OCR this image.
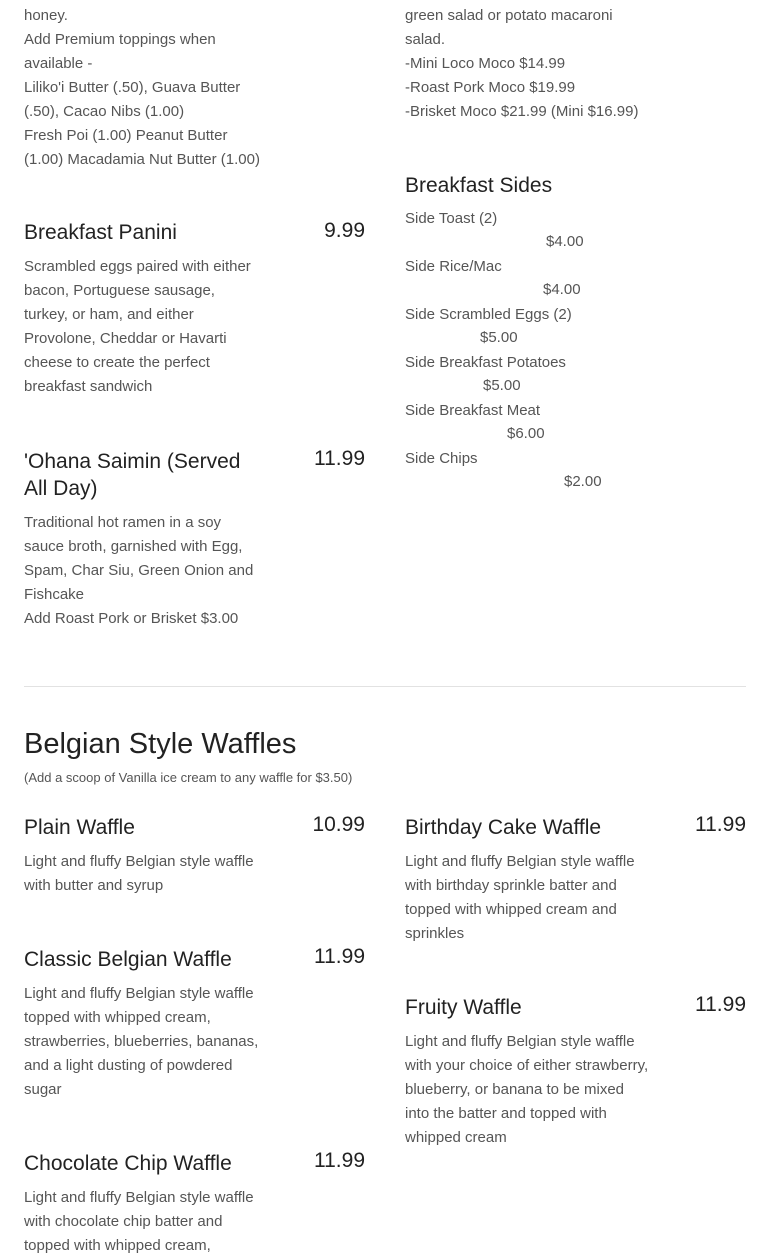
honey.
Add Premium toppings when available -
Liliko'i Butter (.50), Guava Butter (.50), Cacao Nibs (1.00)
Fresh Poi (1.00) Peanut Butter (1.00) Macadamia Nut Butter (1.00)
green salad or potato macaroni salad.
-Mini Loco Moco $14.99
-Roast Pork Moco $19.99
-Brisket Moco $21.99 (Mini $16.99)
Breakfast Panini	9.99
Scrambled eggs paired with either bacon, Portuguese sausage,
turkey, or ham, and either Provolone, Cheddar or Havarti cheese to create the perfect breakfast sandwich
'Ohana Saimin (Served All Day)
11.99
Traditional hot ramen in a soy sauce broth, garnished with Egg, Spam, Char Siu, Green Onion and Fishcake
Add Roast Pork or Brisket $3.00
Breakfast Sides
Side Toast (2)
$4.00
Side Rice/Mac
$4.00
Side Scrambled Eggs (2)
$5.00
Side Breakfast Potatoes
$5.00
Side Breakfast Meat
$6.00
Side Chips
$2.00
Belgian Style Waffles
(Add a scoop of Vanilla ice cream to any waffle for $3.50)
Plain Waffle	10.99
Light and fluffy Belgian style waffle with butter and syrup
Classic Belgian Waffle	11.99
Light and fluffy Belgian style waffle topped with whipped cream, strawberries, blueberries, bananas, and a light dusting of powdered sugar
Chocolate Chip Waffle	11.99
Light and fluffy Belgian style waffle with chocolate chip batter and topped with whipped cream,
Birthday Cake Waffle	11.99
Light and fluffy Belgian style waffle with birthday sprinkle batter and topped with whipped cream and sprinkles
Fruity Waffle	11.99
Light and fluffy Belgian style waffle with your choice of either strawberry, blueberry, or banana to be mixed into the batter and topped with whipped cream
